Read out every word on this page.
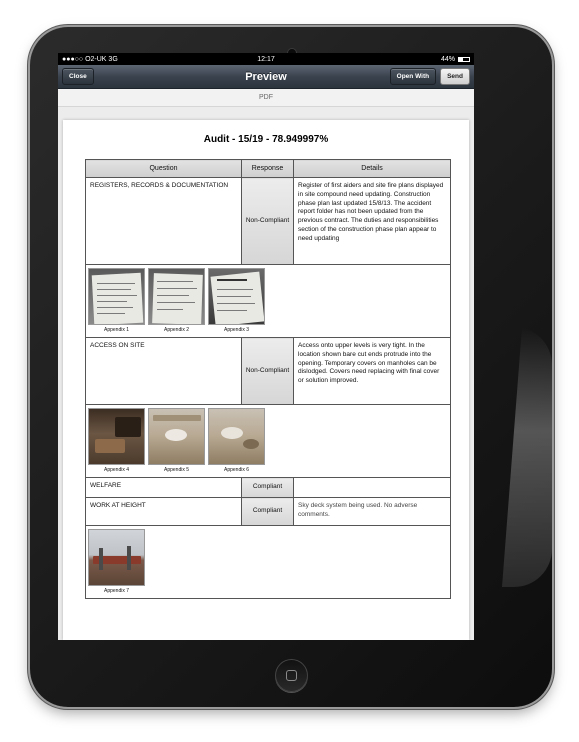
●●●○○ O2-UK 3G	12:17	44%
Close	Preview	Open With	Send
PDF
Audit - 15/19 - 78.949997%
Question	Response	Details
REGISTERS, RECORDS & DOCUMENTATION	Non-Compliant	Register of first aiders and site fire plans displayed in site compound need updating. Construction phase plan last updated 15/8/13. The accident report folder has not been updated from the previous contract. The duties and responsibilities section of the construction phase plan appear to need updating

Appendix 1 Appendix 2 Appendix 3		

ACCESS ON SITE	Non-Compliant	Access onto upper levels is very tight. In the location shown bare cut ends protrude into the opening. Temporary covers on manholes can be dislodged. Covers need replacing with final cover or solution improved.

Appendix 4 Appendix 5 Appendix 6		

WELFARE	Compliant	
WORK AT HEIGHT	Compliant	Sky deck system being used. No adverse comments.

Appendix 7		
